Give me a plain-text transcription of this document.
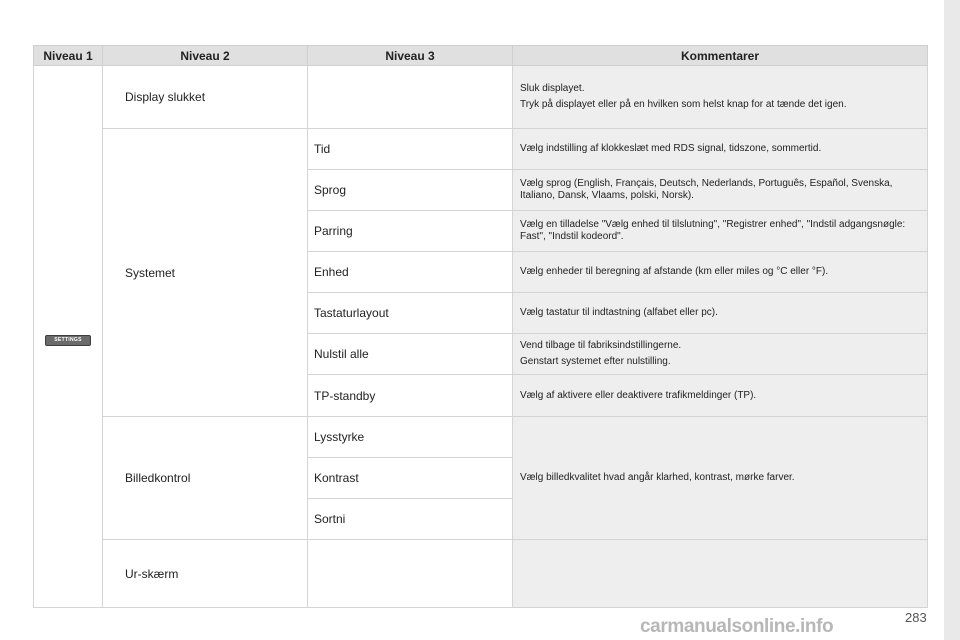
Niveau 1	Niveau 2	Niveau 3	Kommentarer
SETTINGS	Display slukket		Sluk displayet.

Tryk på displayet eller på en hvilken som helst knap for at tænde det igen.

	Systemet	Tid	Vælg indstilling af klokkeslæt med RDS signal, tidszone, sommertid.

		Sprog	Vælg sprog (English, Français, Deutsch, Nederlands, Português, Español, Svenska, Italiano, Dansk, Vlaams, polski, Norsk).

		Parring	Vælg en tilladelse "Vælg enhed til tilslutning", "Registrer enhed", "Indstil adgangsnøgle: Fast", "Indstil kodeord".

		Enhed	Vælg enheder til beregning af afstande (km eller miles og °C eller °F).

		Tastaturlayout	Vælg tastatur til indtastning (alfabet eller pc).

		Nulstil alle	Vend tilbage til fabriksindstillingerne.

Genstart systemet efter nulstilling.

		TP-standby	Vælg af aktivere eller deaktivere trafikmeldinger (TP).

	Billedkontrol	Lysstyrke	Vælg billedkvalitet hvad angår klarhed, kontrast, mørke farver.

		Kontrast	
		Sortni	
	Ur-skærm		
carmanualsonline.info	283
